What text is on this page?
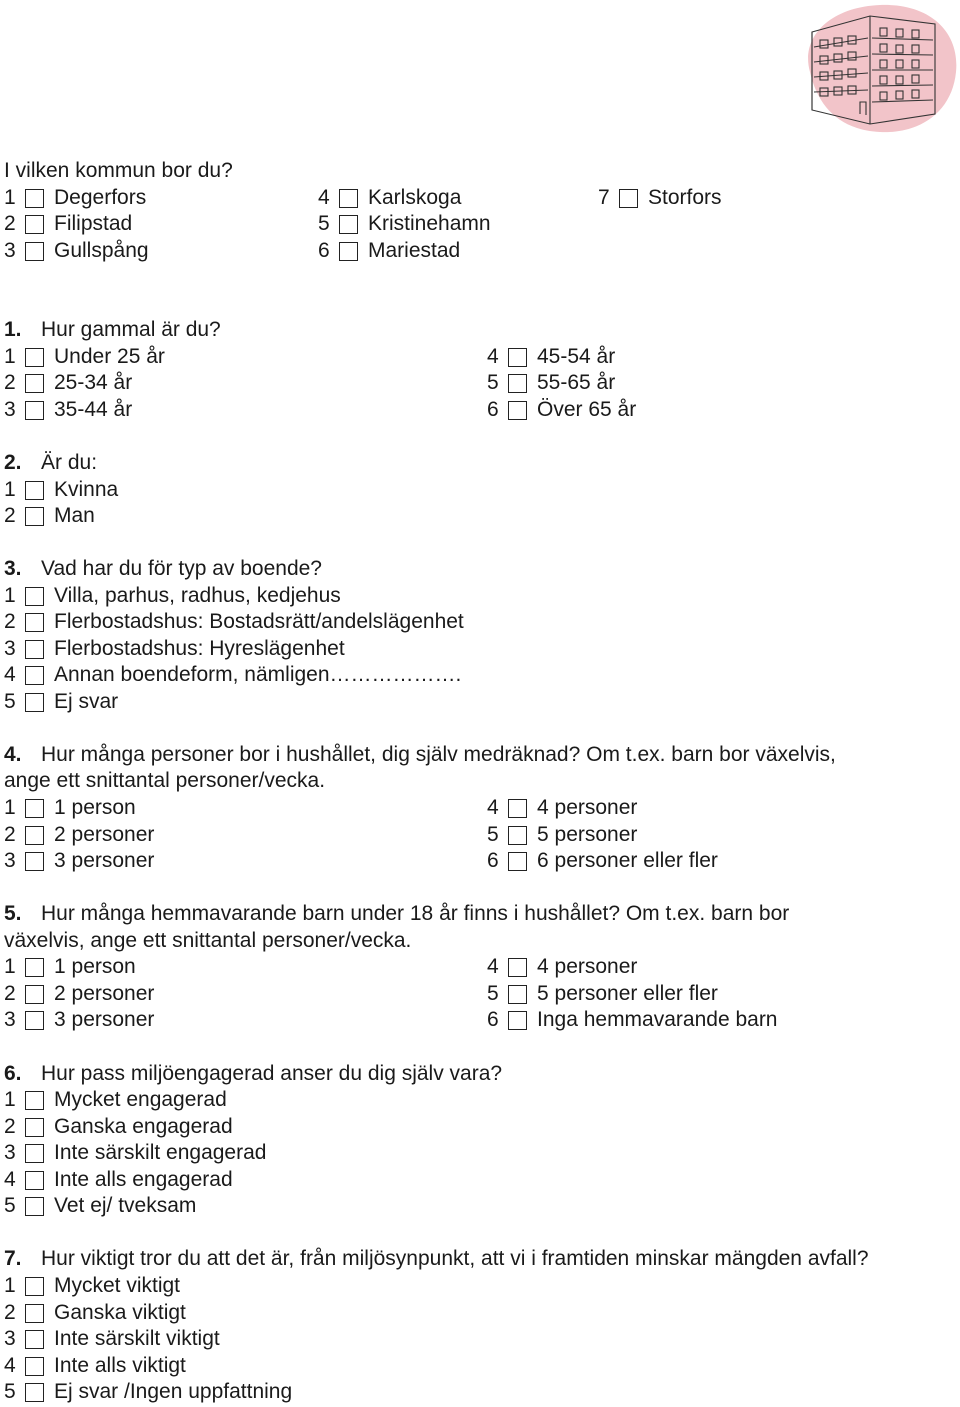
I vilken kommun bor du?
1 Degerfors
2 Filipstad
3 Gullspång
4 Karlskoga
5 Kristinehamn
6 Mariestad
7 Storfors
1. Hur gammal är du?
1 Under 25 år
2 25-34 år
3 35-44 år
4 45-54 år
5 55-65 år
6 Över 65 år
2. Är du:
1 Kvinna
2 Man
3. Vad har du för typ av boende?
1 Villa, parhus, radhus, kedjehus
2 Flerbostadshus: Bostadsrätt/andelslägenhet
3 Flerbostadshus: Hyreslägenhet
4 Annan boendeform, nämligen……………….
5 Ej svar
4. Hur många personer bor i hushållet, dig själv medräknad? Om t.ex. barn bor växelvis,
ange ett snittantal personer/vecka.
1 1 person
2 2 personer
3 3 personer
4 4 personer
5 5 personer
6 6 personer eller fler
5. Hur många hemmavarande barn under 18 år finns i hushållet? Om t.ex. barn bor
växelvis, ange ett snittantal personer/vecka.
1 1 person
2 2 personer
3 3 personer
4 4 personer
5 5 personer eller fler
6 Inga hemmavarande barn
6. Hur pass miljöengagerad anser du dig själv vara?
1 Mycket engagerad
2 Ganska engagerad
3 Inte särskilt engagerad
4 Inte alls engagerad
5 Vet ej/ tveksam
7. Hur viktigt tror du att det är, från miljösynpunkt, att vi i framtiden minskar mängden avfall?
1 Mycket viktigt
2 Ganska viktigt
3 Inte särskilt viktigt
4 Inte alls viktigt
5 Ej svar /Ingen uppfattning
